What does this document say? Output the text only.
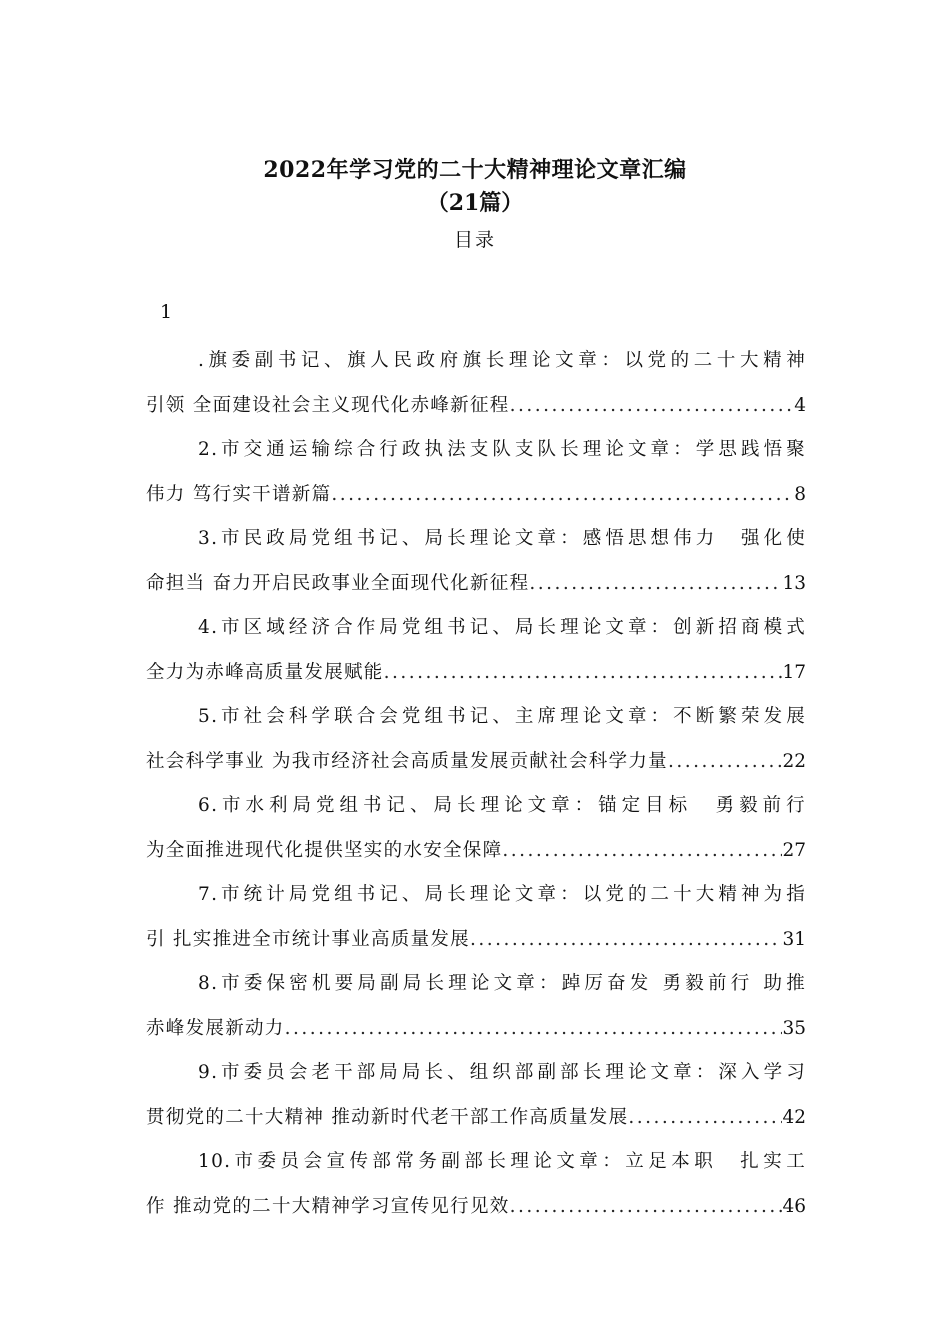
2022年学习党的二十大精神理论文章汇编
（21篇）
目录
1
.旗委副书记、旗人民政府旗长理论文章：以党的二十大精神
引领 全面建设社会主义现代化赤峰新征程 .....	4
2.市交通运输综合行政执法支队支队长理论文章：学思践悟聚
伟力 笃行实干谱新篇 .....	8
3.市民政局党组书记、局长理论文章：感悟思想伟力　强化使
命担当 奋力开启民政事业全面现代化新征程 .....	13
4.市区域经济合作局党组书记、局长理论文章：创新招商模式
全力为赤峰高质量发展赋能 .....	17
5.市社会科学联合会党组书记、主席理论文章：不断繁荣发展
社会科学事业 为我市经济社会高质量发展贡献社会科学力量 .....	22
6.市水利局党组书记、局长理论文章：锚定目标　勇毅前行
为全面推进现代化提供坚实的水安全保障 .....	27
7.市统计局党组书记、局长理论文章：以党的二十大精神为指
引 扎实推进全市统计事业高质量发展 .....	31
8.市委保密机要局副局长理论文章：踔厉奋发 勇毅前行 助推
赤峰发展新动力 .....	35
9.市委员会老干部局局长、组织部副部长理论文章：深入学习
贯彻党的二十大精神 推动新时代老干部工作高质量发展 .....	42
10.市委员会宣传部常务副部长理论文章：立足本职　扎实工
作 推动党的二十大精神学习宣传见行见效 .....	46
